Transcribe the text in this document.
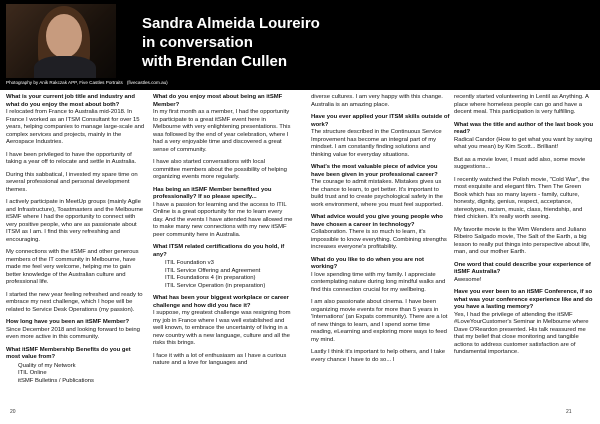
Sandra Almeida Loureiro
in conversation
with Brendan Cullen
Photography by Anik Rakczak APP, Five Castles Portraits (fivecastles.com.au)

What is your current job title and industry and what do you enjoy the most about both?
I relocated from France to Australia mid-2018. In France I worked as an ITSM Consultant for over 15 years, helping companies to manage large-scale and complex services and projects, mainly in the Aerospace Industries.

I have been privileged to have the opportunity of taking a year off to relocate and settle in Australia.

During this sabbatical, I invested my spare time on several professional and personal development themes.

I actively participate in MeetUp groups (mainly Agile and Infrastructure), Toastmasters and the Melbourne itSMF where I had the opportunity to connect with very positive people, who are as passionate about ITSM as I am. I find this very refreshing and encouraging.

My connections with the itSMF and other generous members of the IT community in Melbourne, have made me feel very welcome, helping me to gain better knowledge of the Australian culture and professional life.

I started the new year feeling refreshed and ready to embrace my next challenge, which I hope will be related to Service Desk Operations (my passion).

How long have you been an itSMF Member?
Since December 2018 and looking forward to being even more active in this community.

What itSMF Membership Benefits do you get most value from?

Quality of my Network
ITIL Online
itSMF Bulletins / Publications

What do you enjoy most about being an itSMF Member?
In my first month as a member, I had the opportunity to participate to a great itSMF event here in Melbourne with very enlightening presentations. This was followed by the end of year celebration, where I had a very enjoyable time and discovered a great sense of community.

I have also started conversations with local committee members about the possibility of helping organizing events more regularly.

Has being an itSMF Member benefited you professionally? If so please specify...
I have a passion for learning and the access to ITIL Online is a great opportunity for me to learn every day. And the events I have attended have allowed me to make many new connections with my new itSMF peer community here in Australia.

What ITSM related certifications do you hold, if any?

ITIL Foundation v3
ITIL Service Offering and Agreement
ITIL Foundations 4 (in preparation)
ITIL Service Operation (in preparation)

What has been your biggest workplace or career challenge and how did you face it?
I suppose, my greatest challenge was resigning from my job in France where I was well established and well known, to embrace the uncertainty of living in a new country with a new language, culture and all the risks this brings.

I face it with a lot of enthusiasm as I have a curious nature and a love for languages and

diverse cultures. I am very happy with this change. Australia is an amazing place.

Have you ever applied your ITSM skills outside of work?
The structure described in the Continuous Service Improvement has become an integral part of my mindset. I am constantly finding solutions and thinking value for everyday situations.

What's the most valuable piece of advice you have been given in your professional career?
The courage to admit mistakes. Mistakes gives us the chance to learn, to get better. It's important to build trust and to create psychological safety in the work environment, where you must feel supported.

What advice would you give young people who have chosen a career in technology?
Collaboration. There is so much to learn, it's impossible to know everything. Combining strengths increases everyone's profitability.

What do you like to do when you are not working?
I love spending time with my family. I appreciate contemplating nature during long mindful walks and find this connection crucial for my wellbeing.

I am also passionate about cinema. I have been organizing movie events for more than 5 years in 'Internations' (an Expats community). There are a lot of new things to learn, and I spend some time reading, eLearning and exploring more ways to feed my mind.

Lastly I think it's important to help others, and I take every chance I have to do so... I

recently started volunteering in Lentil as Anything. A place where homeless people can go and have a decent meal. This participation is very fulfilling.

What was the title and author of the last book you read?
Radical Candor (How to get what you want by saying what you mean) by Kim Scott... Brilliant!

But as a movie lover, I must add also, some movie suggestions...

I recently watched the Polish movie, "Cold War", the most exquisite and elegant film. Then The Green Book which has so many layers - family, culture, honesty, dignity, genius, respect, acceptance, stereotypes, racism, music, class, friendship, and fried chicken. It's really worth seeing.

My favorite movie is the Wim Wenders and Juliano Ribeiro Salgado movie, The Salt of the Earth, a big lesson to really put things into perspective about life, man, and our mother Earth.

One word that could describe your experience of itSMF Australia?
Awesome!

Have you ever been to an itSMF Conference, if so what was your conference experience like and do you have a lasting memory?
Yes, I had the privilege of attending the itSMF #LoveYourCustomer's Seminar in Melbourne where Dave O'Reardon presented. His talk reassured me that my belief that close monitoring and tangible actions to address customer satisfaction are of fundamental importance.

20	21
